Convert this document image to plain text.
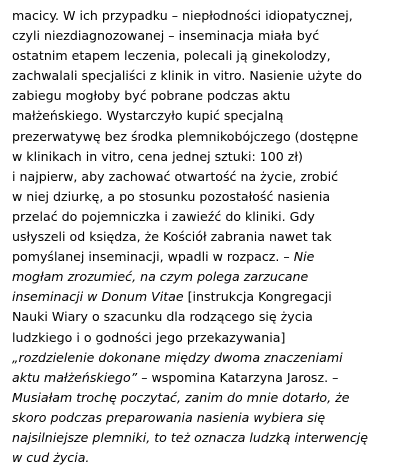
macicy. W ich przypadku – niepłodności idiopatycznej,
czyli niezdiagnozowanej – inseminacja miała być
ostatnim etapem leczenia, polecali ją ginekolodzy,
zachwalali specjaliści z klinik in vitro. Nasienie użyte do
zabiegu mogłoby być pobrane podczas aktu
małżeńskiego. Wystarczyło kupić specjalną
prezerwatywę bez środka plemnikobójczego (dostępne
w klinikach in vitro, cena jednej sztuki: 100 zł)
i najpierw, aby zachować otwartość na życie, zrobić
w niej dziurkę, a po stosunku pozostałość nasienia
przelać do pojemniczka i zawieźć do kliniki. Gdy
usłyszeli od księdza, że Kościół zabrania nawet tak
pomyślanej inseminacji, wpadli w rozpacz. – Nie
mogłam zrozumieć, na czym polega zarzucane
inseminacji w Donum Vitae [instrukcja Kongregacji
Nauki Wiary o szacunku dla rodzącego się życia
ludzkiego i o godności jego przekazywania]
„rozdzielenie dokonane między dwoma znaczeniami
aktu małżeńskiego” – wspomina Katarzyna Jarosz. –
Musiałam trochę poczytać, zanim do mnie dotarło, że
skoro podczas preparowania nasienia wybiera się
najsilniejsze plemniki, to też oznacza ludzką interwencję
w cud życia.
